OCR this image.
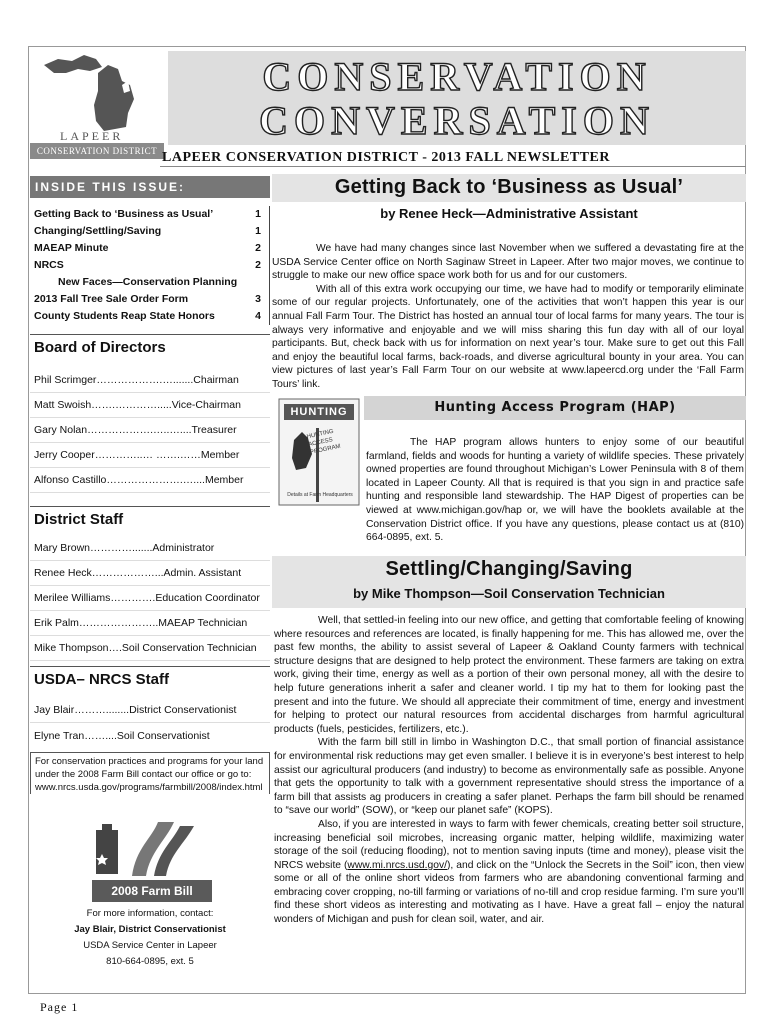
LAPEER
CONSERVATION DISTRICT
CONSERVATION
CONVERSATION
LAPEER CONSERVATION DISTRICT - 2013 FALL NEWSLETTER
INSIDE THIS ISSUE:
Getting Back to ‘Business as Usual’	1
Changing/Settling/Saving	1
MAEAP Minute	2
NRCS	2
New Faces—Conservation Planning
2013 Fall Tree Sale Order Form	3
County Students Reap State Honors	4
Board of Directors
Phil Scrimger……………….….......Chairman
Matt Swoish…….………….....Vice-Chairman
Gary Nolan……………….…..…....Treasurer
Jerry Cooper…………..… …….……Member
Alfonso Castillo………………….…....Member
District Staff
Mary Brown………….......Administrator
Renee Heck………………...Admin. Assistant
Merilee Williams………….Education Coordinator
Erik Palm…………………..MAEAP Technician
Mike Thompson….Soil Conservation Technician
USDA– NRCS Staff
Jay Blair………........District Conservationist
Elyne Tran……....Soil Conservationist
For conservation practices and programs for your land under the 2008 Farm Bill contact our office or go to: www.nrcs.usda.gov/programs/farmbill/2008/index.html
2008 Farm Bill
For more information, contact:
Jay Blair, District Conservationist
USDA Service Center in Lapeer
810-664-0895, ext. 5
Getting Back to ‘Business as Usual’
by Renee Heck—Administrative Assistant

We have had many changes since last November when we suffered a devastating fire at the USDA Service Center office on North Saginaw Street in Lapeer. After two major moves, we continue to struggle to make our new office space work both for us and for our customers.

With all of this extra work occupying our time, we have had to modify or temporarily eliminate some of our regular projects. Unfortunately, one of the activities that won’t happen this year is our annual Fall Farm Tour. The District has hosted an annual tour of local farms for many years. The tour is always very informative and enjoyable and we will miss sharing this fun day with all of our loyal participants. But, check back with us for information on next year’s tour. Make sure to get out this Fall and enjoy the beautiful local farms, back-roads, and diverse agricultural bounty in your area. You can view pictures of last year’s Fall Farm Tour on our website at www.lapeercd.org under the ‘Fall Farm Tours’ link.

Hunting Access Program (HAP)
HUNTING
HUNTING ACCESS PROGRAM
Details at Farm Headquarters

The HAP program allows hunters to enjoy some of our beautiful farmland, fields and woods for hunting a variety of wildlife species. These privately owned properties are found throughout Michigan’s Lower Peninsula with 8 of them located in Lapeer County. All that is required is that you sign in and practice safe hunting and responsible land stewardship. The HAP Digest of properties can be viewed at www.michigan.gov/hap or, we will have the booklets available at the Conservation District office. If you have any questions, please contact us at (810) 664-0895, ext. 5.

Settling/Changing/Saving
by Mike Thompson—Soil Conservation Technician

Well, that settled-in feeling into our new office, and getting that comfortable feeling of knowing where resources and references are located, is finally happening for me. This has allowed me, over the past few months, the ability to assist several of Lapeer & Oakland County farmers with technical structure designs that are designed to help protect the environment. These farmers are taking on extra work, giving their time, energy as well as a portion of their own personal money, all with the desire to help future generations inherit a safer and cleaner world. I tip my hat to them for looking past the present and into the future. We should all appreciate their commitment of time, energy and investment for helping to protect our natural resources from accidental discharges from harmful agricultural products (fuels, pesticides, fertilizers, etc.).

With the farm bill still in limbo in Washington D.C., that small portion of financial assistance for environmental risk reductions may get even smaller. I believe it is in everyone’s best interest to help assist our agricultural producers (and industry) to become as environmentally safe as possible. Anyone that gets the opportunity to talk with a government representative should stress the importance of a farm bill that assists ag producers in creating a safer planet. Perhaps the farm bill should be renamed to “save our world” (SOW), or “keep our planet safe” (KOPS).

Also, if you are interested in ways to farm with fewer chemicals, creating better soil structure, increasing beneficial soil microbes, increasing organic matter, helping wildlife, maximizing water storage of the soil (reducing flooding), not to mention saving inputs (time and money), please visit the NRCS website (www.mi.nrcs.usd.gov/), and click on the “Unlock the Secrets in the Soil” icon, then view some or all of the online short videos from farmers who are abandoning conventional farming and embracing cover cropping, no-till farming or variations of no-till and crop residue farming. I’m sure you’ll find these short videos as interesting and motivating as I have. Have a great fall – enjoy the natural wonders of Michigan and push for clean soil, water, and air.

Page 1
